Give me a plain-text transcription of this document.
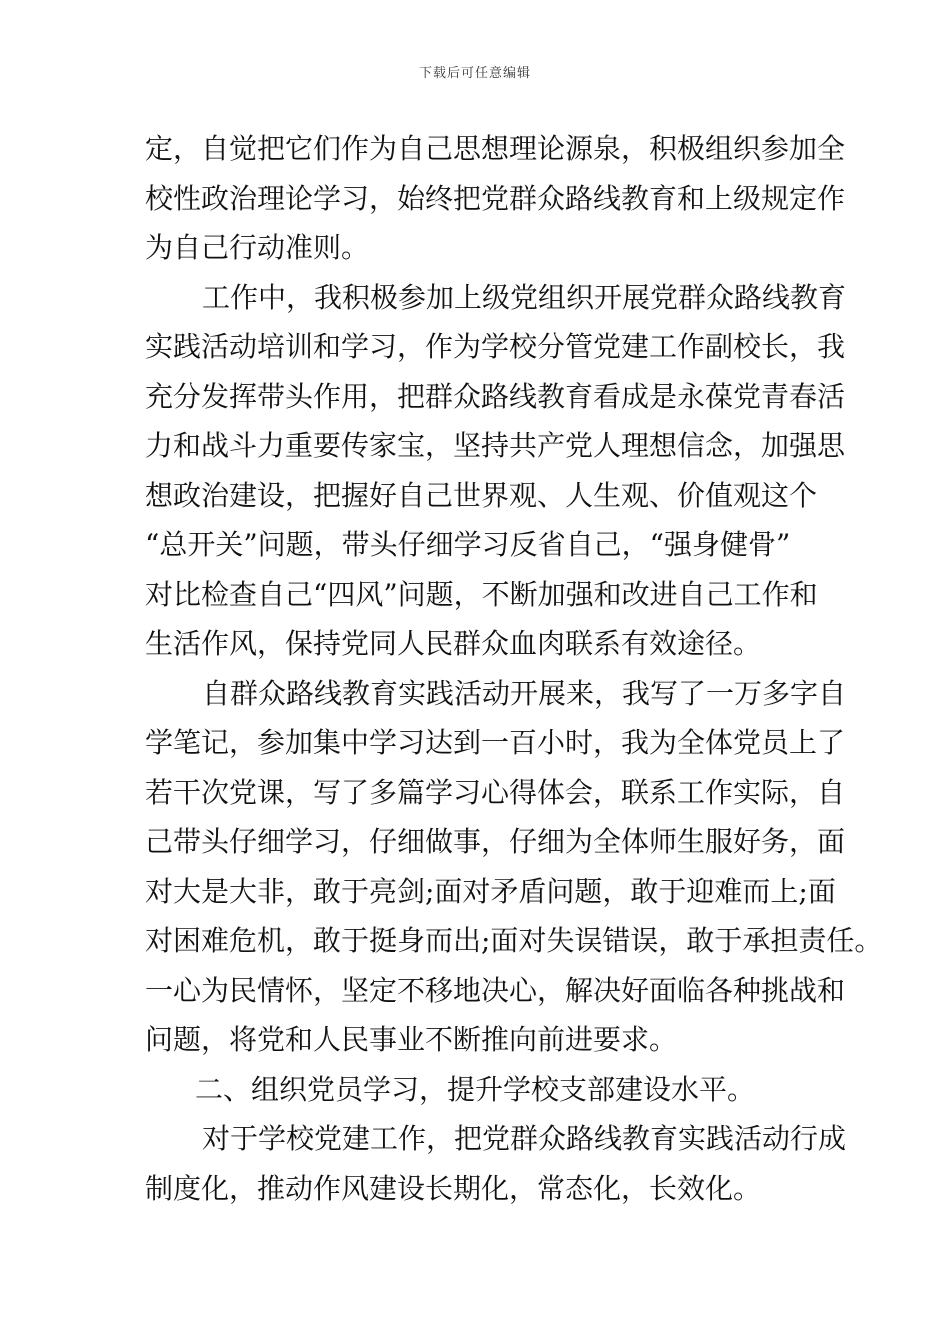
下载后可任意编辑
定，自觉把它们作为自己思想理论源泉，积极组织参加全
校性政治理论学习，始终把党群众路线教育和上级规定作
为自己行动准则。
工作中，我积极参加上级党组织开展党群众路线教育
实践活动培训和学习，作为学校分管党建工作副校长，我
充分发挥带头作用，把群众路线教育看成是永葆党青春活
力和战斗力重要传家宝，坚持共产党人理想信念，加强思
想政治建设，把握好自己世界观、人生观、价值观这个
“总开关”问题，带头仔细学习反省自己，“强身健骨”
对比检查自己“四风”问题，不断加强和改进自己工作和
生活作风，保持党同人民群众血肉联系有效途径。
自群众路线教育实践活动开展来，我写了一万多字自
学笔记，参加集中学习达到一百小时，我为全体党员上了
若干次党课，写了多篇学习心得体会，联系工作实际，自
己带头仔细学习，仔细做事，仔细为全体师生服好务，面
对大是大非，敢于亮剑;面对矛盾问题，敢于迎难而上;面
对困难危机，敢于挺身而出;面对失误错误，敢于承担责任。
一心为民情怀，坚定不移地决心，解决好面临各种挑战和
问题，将党和人民事业不断推向前进要求。
二、组织党员学习，提升学校支部建设水平。
对于学校党建工作，把党群众路线教育实践活动行成
制度化，推动作风建设长期化，常态化，长效化。
